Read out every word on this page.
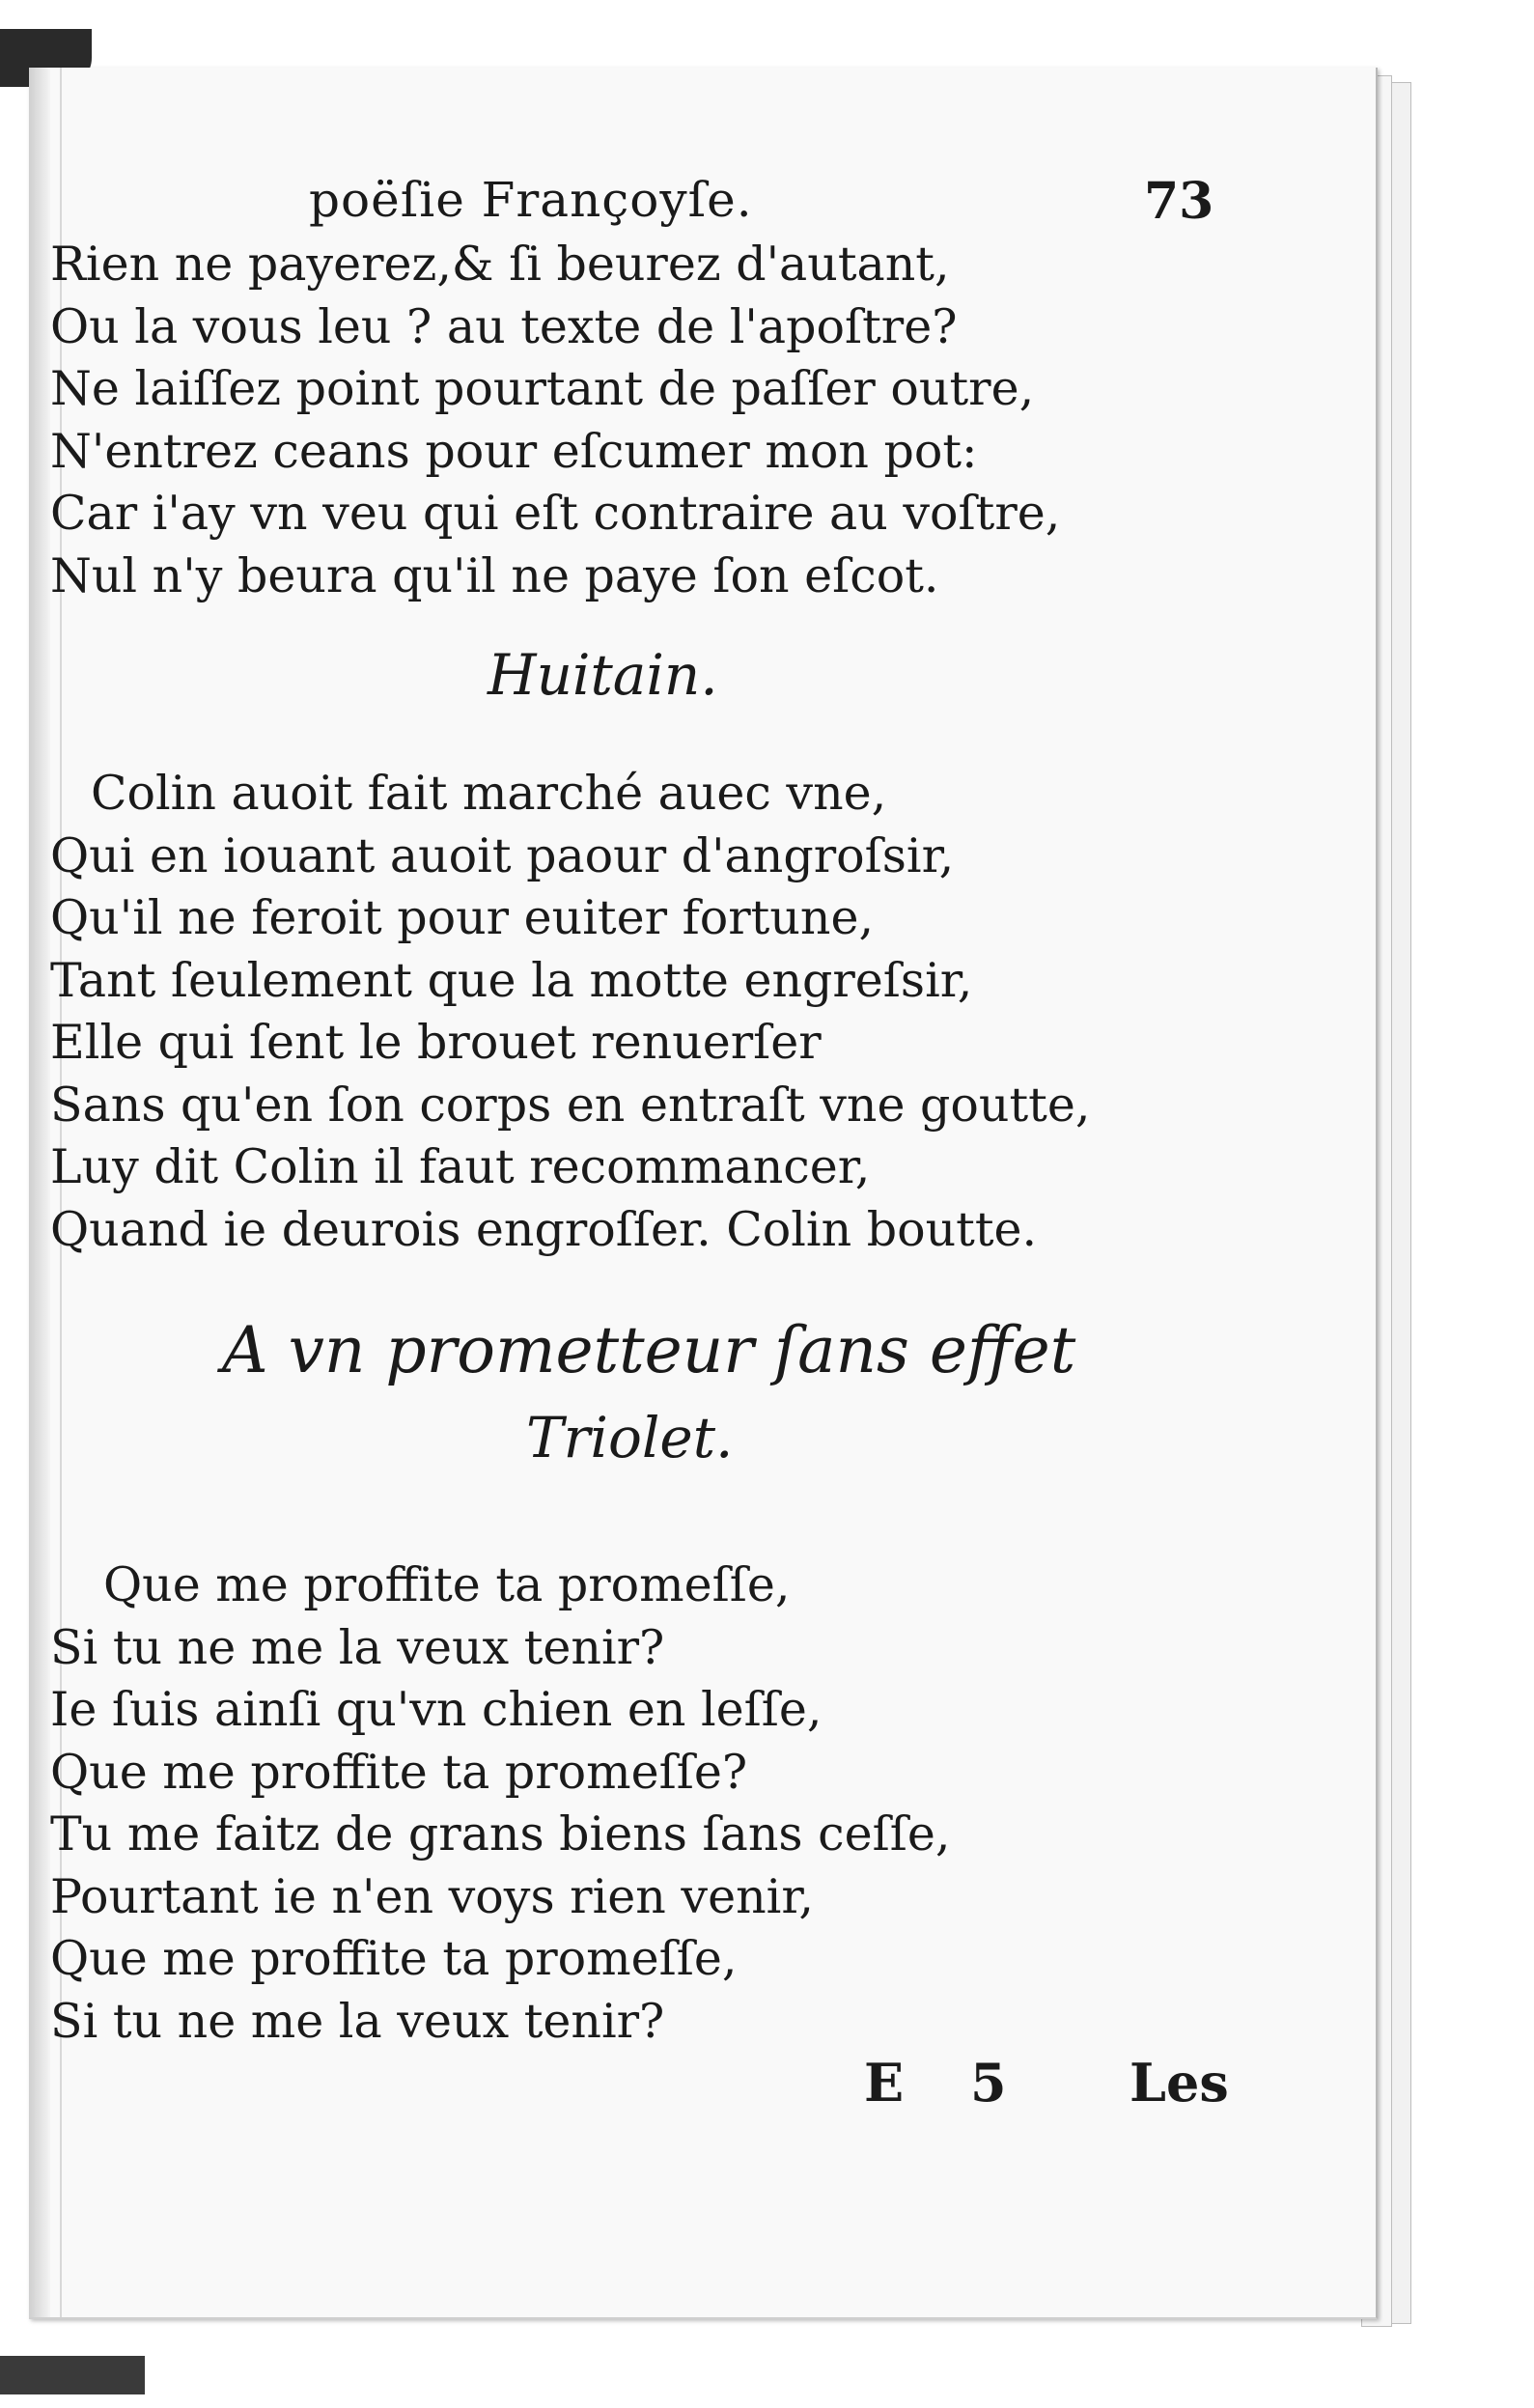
poëſie Françoyſe.	73
Rien ne payerez,& ſi beurez d'autant,
Ou la vous leu ? au texte de l'apoſtre?
Ne laiſſez point pourtant de paſſer outre,
N'entrez ceans pour eſcumer mon pot:
Car i'ay vn veu qui eſt contraire au voſtre,
Nul n'y beura qu'il ne paye ſon eſcot.
Huitain.
Colin auoit fait marché auec vne,
Qui en iouant auoit paour d'angroſsir,
Qu'il ne feroit pour euiter fortune,
Tant ſeulement que la motte engreſsir,
Elle qui ſent le brouet renuerſer
Sans qu'en ſon corps en entraſt vne goutte,
Luy dit Colin il faut recommancer,
Quand ie deurois engroſſer. Colin boutte.
A vn prometteur ſans effet
Triolet.
Que me proffite ta promeſſe,
Si tu ne me la veux tenir?
Ie ſuis ainſi qu'vn chien en leſſe,
Que me proffite ta promeſſe?
Tu me faitz de grans biens ſans ceſſe,
Pourtant ie n'en voys rien venir,
Que me proffite ta promeſſe,
Si tu ne me la veux tenir?
E 5 Les
